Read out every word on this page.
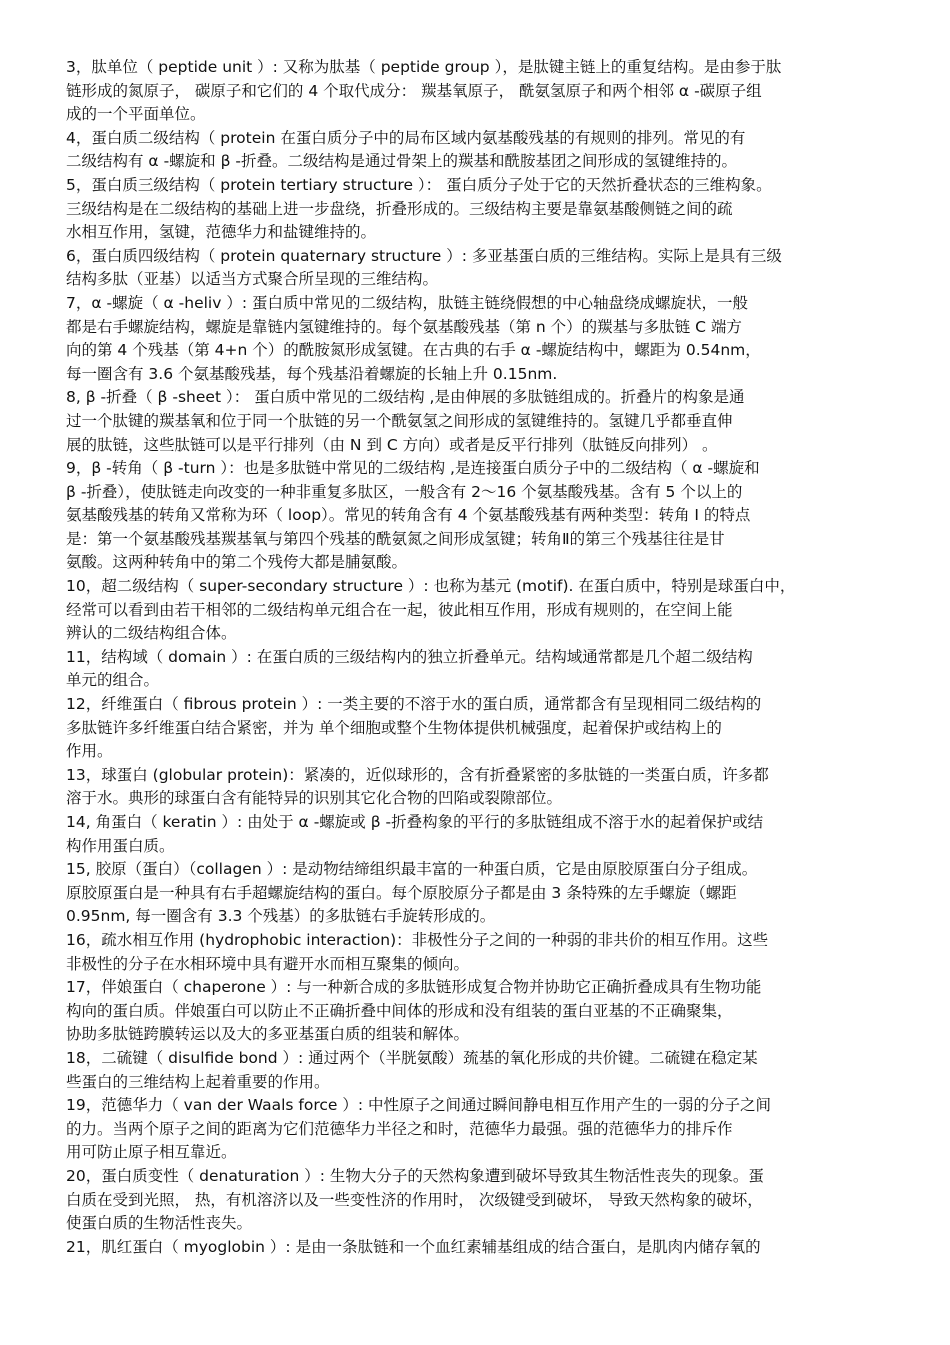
3，肽单位（ peptide unit ）: 又称为肽基（ peptide group ），是肽键主链上的重复结构。是由参于肽
链形成的氮原子， 碳原子和它们的 4 个取代成分： 羰基氧原子， 酰氨氢原子和两个相邻 α -碳原子组
成的一个平面单位。
4，蛋白质二级结构（ protein 在蛋白质分子中的局布区域内氨基酸残基的有规则的排列。常见的有
二级结构有 α -螺旋和 β -折叠。二级结构是通过骨架上的羰基和酰胺基团之间形成的氢键维持的。
5，蛋白质三级结构（ protein tertiary structure ）： 蛋白质分子处于它的天然折叠状态的三维构象。
三级结构是在二级结构的基础上进一步盘绕，折叠形成的。三级结构主要是靠氨基酸侧链之间的疏
水相互作用，氢键，范德华力和盐键维持的。
6，蛋白质四级结构（ protein quaternary structure ）: 多亚基蛋白质的三维结构。实际上是具有三级
结构多肽（亚基）以适当方式聚合所呈现的三维结构。
7，α -螺旋（ α -heliv ）: 蛋白质中常见的二级结构，肽链主链绕假想的中心轴盘绕成螺旋状，一般
都是右手螺旋结构，螺旋是靠链内氢键维持的。每个氨基酸残基（第 n 个）的羰基与多肽链 C 端方
向的第 4 个残基（第 4+n 个）的酰胺氮形成氢键。在古典的右手 α -螺旋结构中，螺距为 0.54nm，
每一圈含有 3.6 个氨基酸残基，每个残基沿着螺旋的长轴上升 0.15nm.
8, β -折叠（ β -sheet ）： 蛋白质中常见的二级结构 ,是由伸展的多肽链组成的。折叠片的构象是通
过一个肽键的羰基氧和位于同一个肽链的另一个酰氨氢之间形成的氢键维持的。氢键几乎都垂直伸
展的肽链，这些肽链可以是平行排列（由 N 到 C 方向）或者是反平行排列（肽链反向排列） 。
9，β -转角（ β -turn ）：也是多肽链中常见的二级结构 ,是连接蛋白质分子中的二级结构（ α -螺旋和
β -折叠），使肽链走向改变的一种非重复多肽区，一般含有 2～16 个氨基酸残基。含有 5 个以上的
氨基酸残基的转角又常称为环（ loop）。常见的转角含有 4 个氨基酸残基有两种类型：转角 Ⅰ 的特点
是：第一个氨基酸残基羰基氧与第四个残基的酰氨氮之间形成氢键；转角Ⅱ的第三个残基往往是甘
氨酸。这两种转角中的第二个残侉大都是脯氨酸。
10，超二级结构（ super-secondary structure ）: 也称为基元 (motif). 在蛋白质中，特别是球蛋白中，
经常可以看到由若干相邻的二级结构单元组合在一起，彼此相互作用，形成有规则的，在空间上能
辨认的二级结构组合体。
11，结构域（ domain ）: 在蛋白质的三级结构内的独立折叠单元。结构域通常都是几个超二级结构
单元的组合。
12，纤维蛋白（ fibrous protein ）: 一类主要的不溶于水的蛋白质，通常都含有呈现相同二级结构的
多肽链许多纤维蛋白结合紧密，并为 单个细胞或整个生物体提供机械强度，起着保护或结构上的
作用。
13，球蛋白 (globular protein)：紧凑的，近似球形的，含有折叠紧密的多肽链的一类蛋白质，许多都
溶于水。典形的球蛋白含有能特异的识别其它化合物的凹陷或裂隙部位。
14, 角蛋白（ keratin ）: 由处于 α -螺旋或 β -折叠构象的平行的多肽链组成不溶于水的起着保护或结
构作用蛋白质。
15, 胶原（蛋白）（collagen ）: 是动物结缔组织最丰富的一种蛋白质，它是由原胶原蛋白分子组成。
原胶原蛋白是一种具有右手超螺旋结构的蛋白。每个原胶原分子都是由 3 条特殊的左手螺旋（螺距
0.95nm, 每一圈含有 3.3 个残基）的多肽链右手旋转形成的。
16，疏水相互作用 (hydrophobic interaction)：非极性分子之间的一种弱的非共价的相互作用。这些
非极性的分子在水相环境中具有避开水而相互聚集的倾向。
17，伴娘蛋白（ chaperone ）: 与一种新合成的多肽链形成复合物并协助它正确折叠成具有生物功能
构向的蛋白质。伴娘蛋白可以防止不正确折叠中间体的形成和没有组装的蛋白亚基的不正确聚集，
协助多肽链跨膜转运以及大的多亚基蛋白质的组装和解体。
18，二硫键（ disulfide bond ）: 通过两个（半胱氨酸）巯基的氧化形成的共价键。二硫键在稳定某
些蛋白的三维结构上起着重要的作用。
19，范德华力（ van der Waals force ）: 中性原子之间通过瞬间静电相互作用产生的一弱的分子之间
的力。当两个原子之间的距离为它们范德华力半径之和时，范德华力最强。强的范德华力的排斥作
用可防止原子相互靠近。
20，蛋白质变性（ denaturation ）: 生物大分子的天然构象遭到破坏导致其生物活性丧失的现象。蛋
白质在受到光照， 热，有机溶济以及一些变性济的作用时， 次级键受到破坏， 导致天然构象的破坏，
使蛋白质的生物活性丧失。
21，肌红蛋白（ myoglobin ）: 是由一条肽链和一个血红素辅基组成的结合蛋白，是肌肉内储存氧的
